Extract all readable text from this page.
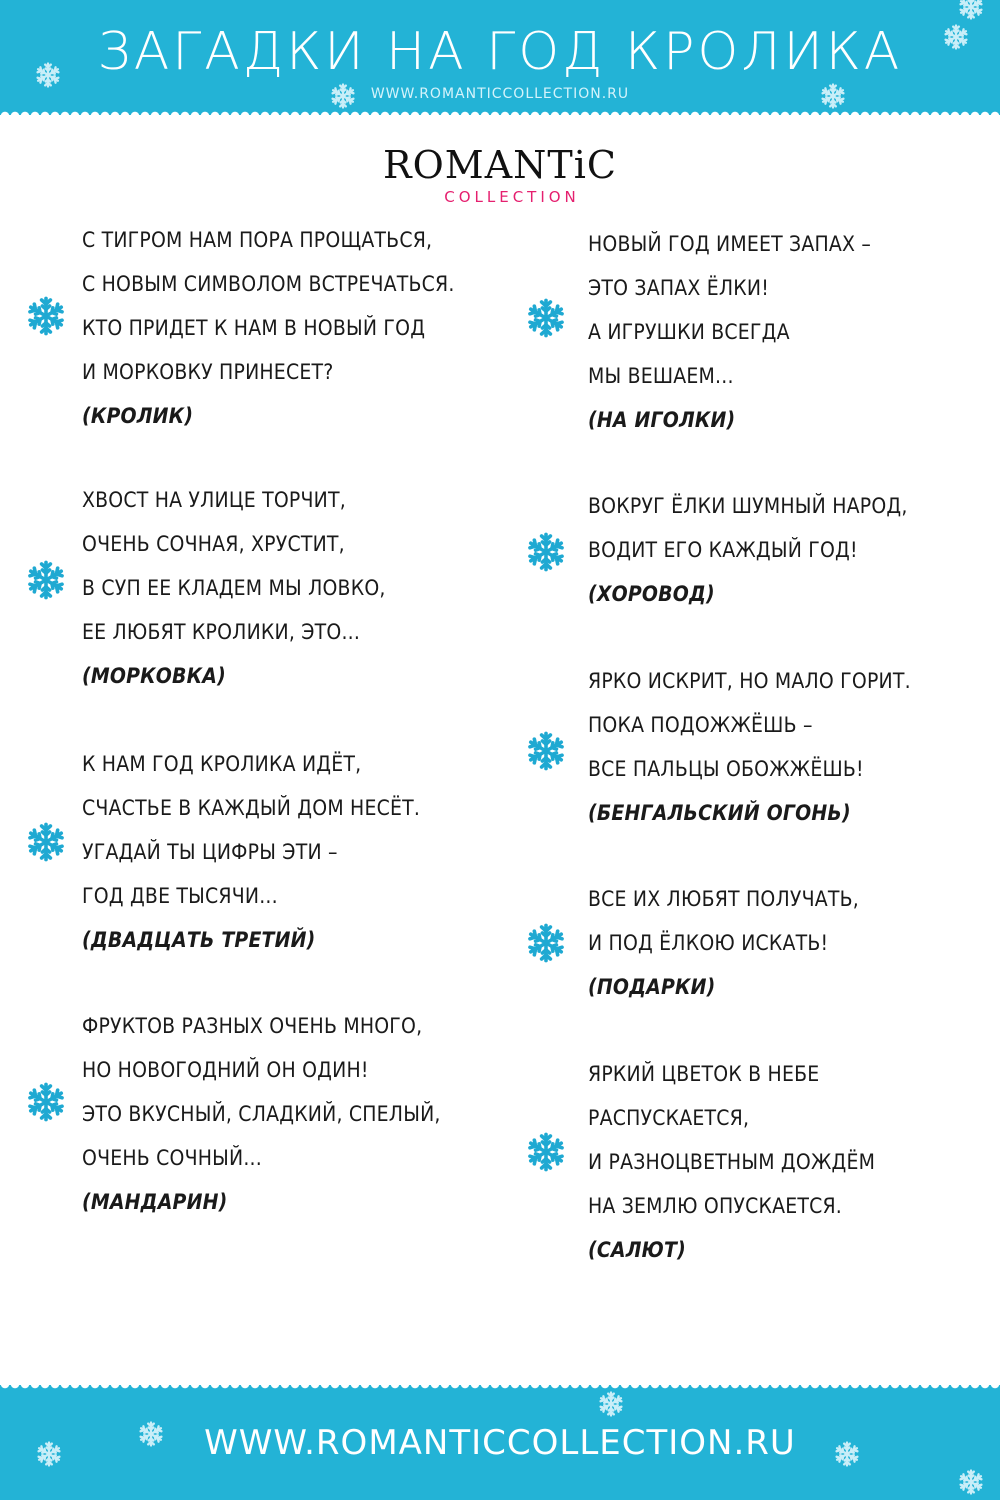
ЗАГАДКИ НА ГОД КРОЛИКА
WWW.ROMANTICCOLLECTION.RU
ROMANTiC
COLLECTION
С ТИГРОМ НАМ ПОРА ПРОЩАТЬСЯ,
С НОВЫМ СИМВОЛОМ ВСТРЕЧАТЬСЯ.
КТО ПРИДЕТ К НАМ В НОВЫЙ ГОД
И МОРКОВКУ ПРИНЕСЕТ?
(КРОЛИК)
ХВОСТ НА УЛИЦЕ ТОРЧИТ,
ОЧЕНЬ СОЧНАЯ, ХРУСТИТ,
В СУП ЕЕ КЛАДЕМ МЫ ЛОВКО,
ЕЕ ЛЮБЯТ КРОЛИКИ, ЭТО...
(МОРКОВКА)
К НАМ ГОД КРОЛИКА ИДЁТ,
СЧАСТЬЕ В КАЖДЫЙ ДОМ НЕСЁТ.
УГАДАЙ ТЫ ЦИФРЫ ЭТИ –
ГОД ДВЕ ТЫСЯЧИ...
(ДВАДЦАТЬ ТРЕТИЙ)
ФРУКТОВ РАЗНЫХ ОЧЕНЬ МНОГО,
НО НОВОГОДНИЙ ОН ОДИН!
ЭТО ВКУСНЫЙ, СЛАДКИЙ, СПЕЛЫЙ,
ОЧЕНЬ СОЧНЫЙ...
(МАНДАРИН)
НОВЫЙ ГОД ИМЕЕТ ЗАПАХ –
ЭТО ЗАПАХ ЁЛКИ!
А ИГРУШКИ ВСЕГДА
МЫ ВЕШАЕМ...
(НА ИГОЛКИ)
ВОКРУГ ЁЛКИ ШУМНЫЙ НАРОД,
ВОДИТ ЕГО КАЖДЫЙ ГОД!
(ХОРОВОД)
ЯРКО ИСКРИТ, НО МАЛО ГОРИТ.
ПОКА ПОДОЖЖЁШЬ –
ВСЕ ПАЛЬЦЫ ОБОЖЖЁШЬ!
(БЕНГАЛЬСКИЙ ОГОНЬ)
ВСЕ ИХ ЛЮБЯТ ПОЛУЧАТЬ,
И ПОД ЁЛКОЮ ИСКАТЬ!
(ПОДАРКИ)
ЯРКИЙ ЦВЕТОК В НЕБЕ
РАСПУСКАЕТСЯ,
И РАЗНОЦВЕТНЫМ ДОЖДЁМ
НА ЗЕМЛЮ ОПУСКАЕТСЯ.
(САЛЮТ)
WWW.ROMANTICCOLLECTION.RU
